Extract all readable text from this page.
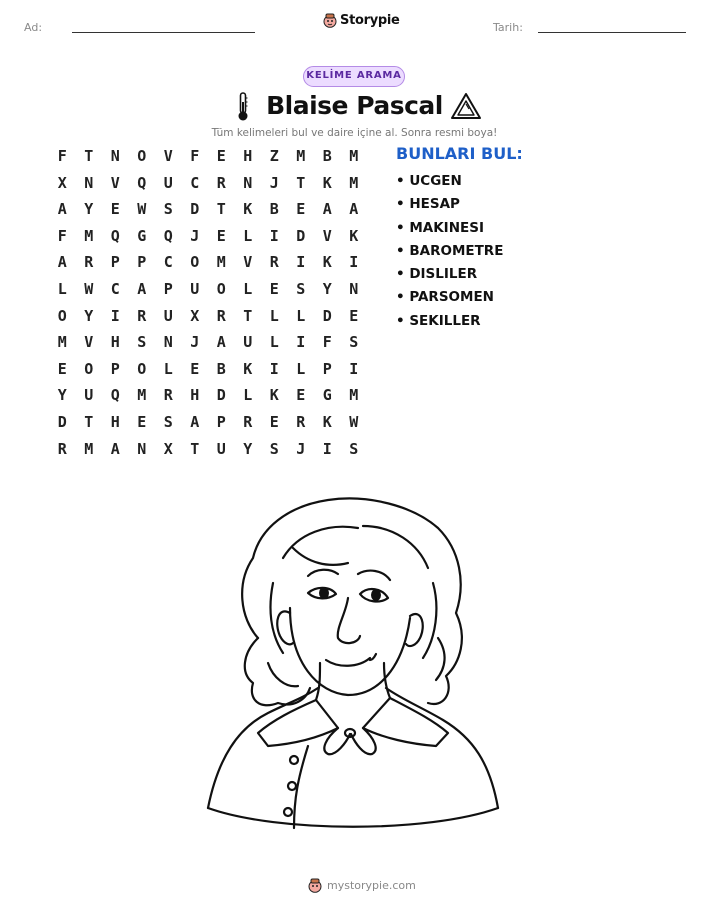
Ad:	Storypie	Tarih:
KELİME ARAMA
Blaise Pascal
Tüm kelimeleri bul ve daire içine al. Sonra resmi boya!
F	T	N	O	V	F	E	H	Z	M	B	M
X	N	V	Q	U	C	R	N	J	T	K	M
A	Y	E	W	S	D	T	K	B	E	A	A
F	M	Q	G	Q	J	E	L	I	D	V	K
A	R	P	P	C	O	M	V	R	I	K	I
L	W	C	A	P	U	O	L	E	S	Y	N
O	Y	I	R	U	X	R	T	L	L	D	E
M	V	H	S	N	J	A	U	L	I	F	S
E	O	P	O	L	E	B	K	I	L	P	I
Y	U	Q	M	R	H	D	L	K	E	G	M
D	T	H	E	S	A	P	R	E	R	K	W
R	M	A	N	X	T	U	Y	S	J	I	S
BUNLARI BUL:
• UCGEN
• HESAP
• MAKINESI
• BAROMETRE
• DISLILER
• PARSOMEN
• SEKILLER
mystorypie.com
